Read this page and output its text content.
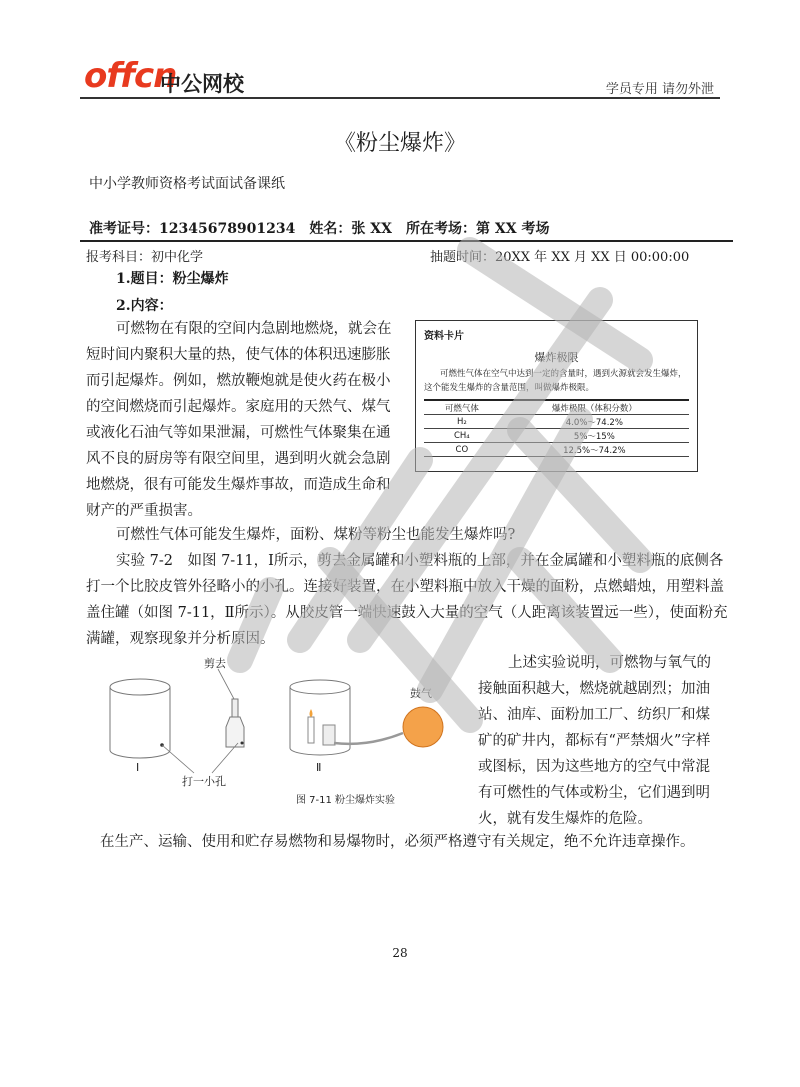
offcn
中公网校	学员专用 请勿外泄
《粉尘爆炸》
中小学教师资格考试面试备课纸
准考证号：12345678901234　姓名：张 XX　所在考场：第 XX 考场
报考科目：初中化学	抽题时间：20XX 年 XX 月 XX 日 00:00:00
1.题目：粉尘爆炸
2.内容：

可燃物在有限的空间内急剧地燃烧，就会在

短时间内聚积大量的热，使气体的体积迅速膨胀

而引起爆炸。例如，燃放鞭炮就是使火药在极小

的空间燃烧而引起爆炸。家庭用的天然气、煤气

或液化石油气等如果泄漏，可燃性气体聚集在通

风不良的厨房等有限空间里，遇到明火就会急剧

地燃烧，很有可能发生爆炸事故，而造成生命和

财产的严重损害。

资料卡片
爆炸极限
可燃性气体在空气中达到一定的含量时，遇到火源就会发生爆炸，这个能发生爆炸的含量范围，叫做爆炸极限。
可燃气体	爆炸极限（体积分数）
H₂	4.0%～74.2%
CH₄	5%～15%
CO	12.5%～74.2%

可燃性气体可能发生爆炸，面粉、煤粉等粉尘也能发生爆炸吗?

实验 7-2　如图 7-11，Ⅰ所示，剪去金属罐和小塑料瓶的上部，并在金属罐和小塑料瓶的底侧各

打一个比胶皮管外径略小的小孔。连接好装置，在小塑料瓶中放入干燥的面粉，点燃蜡烛，用塑料盖

盖住罐（如图 7-11，Ⅱ所示）。从胶皮管一端快速鼓入大量的空气（人距离该装置远一些），使面粉充

满罐，观察现象并分析原因。

剪去
打一小孔
鼓气
Ⅰ	Ⅱ
图 7-11 粉尘爆炸实验

上述实验说明，可燃物与氧气的

接触面积越大，燃烧就越剧烈；加油

站、油库、面粉加工厂、纺织厂和煤

矿的矿井内，都标有“严禁烟火”字样

或图标，因为这些地方的空气中常混

有可燃性的气体或粉尘，它们遇到明

火，就有发生爆炸的危险。

在生产、运输、使用和贮存易燃物和易爆物时，必须严格遵守有关规定，绝不允许违章操作。

28
